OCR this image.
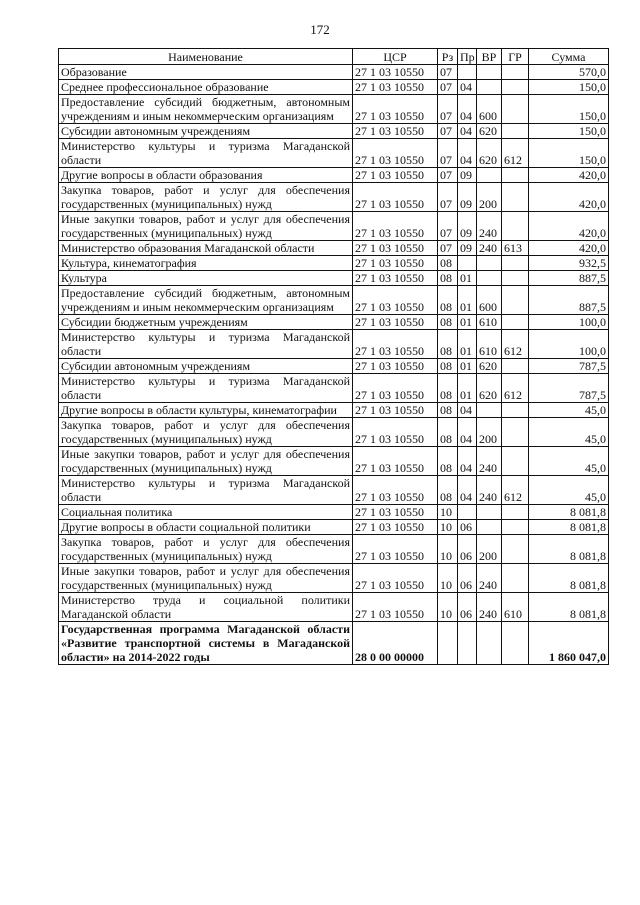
172
Наименование	ЦСР	Рз	Пр	ВР	ГР	Сумма
Образование	27 1 03 10550	07				570,0
Среднее профессиональное образование	27 1 03 10550	07	04			150,0
Предоставление субсидий бюджетным, автономным учреждениям и иным некоммерческим организациям	27 1 03 10550	07	04	600		150,0
Субсидии автономным учреждениям	27 1 03 10550	07	04	620		150,0
Министерство культуры и туризма Магаданской области	27 1 03 10550	07	04	620	612	150,0
Другие вопросы в области образования	27 1 03 10550	07	09			420,0
Закупка товаров, работ и услуг для обеспечения государственных (муниципальных) нужд	27 1 03 10550	07	09	200		420,0
Иные закупки товаров, работ и услуг для обеспечения государственных (муниципальных) нужд	27 1 03 10550	07	09	240		420,0
Министерство образования Магаданской области	27 1 03 10550	07	09	240	613	420,0
Культура, кинематография	27 1 03 10550	08				932,5
Культура	27 1 03 10550	08	01			887,5
Предоставление субсидий бюджетным, автономным учреждениям и иным некоммерческим организациям	27 1 03 10550	08	01	600		887,5
Субсидии бюджетным учреждениям	27 1 03 10550	08	01	610		100,0
Министерство культуры и туризма Магаданской области	27 1 03 10550	08	01	610	612	100,0
Субсидии автономным учреждениям	27 1 03 10550	08	01	620		787,5
Министерство культуры и туризма Магаданской области	27 1 03 10550	08	01	620	612	787,5
Другие вопросы в области культуры, кинематографии	27 1 03 10550	08	04			45,0
Закупка товаров, работ и услуг для обеспечения государственных (муниципальных) нужд	27 1 03 10550	08	04	200		45,0
Иные закупки товаров, работ и услуг для обеспечения государственных (муниципальных) нужд	27 1 03 10550	08	04	240		45,0
Министерство культуры и туризма Магаданской области	27 1 03 10550	08	04	240	612	45,0
Социальная политика	27 1 03 10550	10				8 081,8
Другие вопросы в области социальной политики	27 1 03 10550	10	06			8 081,8
Закупка товаров, работ и услуг для обеспечения государственных (муниципальных) нужд	27 1 03 10550	10	06	200		8 081,8
Иные закупки товаров, работ и услуг для обеспечения государственных (муниципальных) нужд	27 1 03 10550	10	06	240		8 081,8
Министерство труда и социальной политики Магаданской области	27 1 03 10550	10	06	240	610	8 081,8
Государственная программа Магаданской области «Развитие транспортной системы в Магаданской области» на 2014-2022 годы	28 0 00 00000					1 860 047,0
